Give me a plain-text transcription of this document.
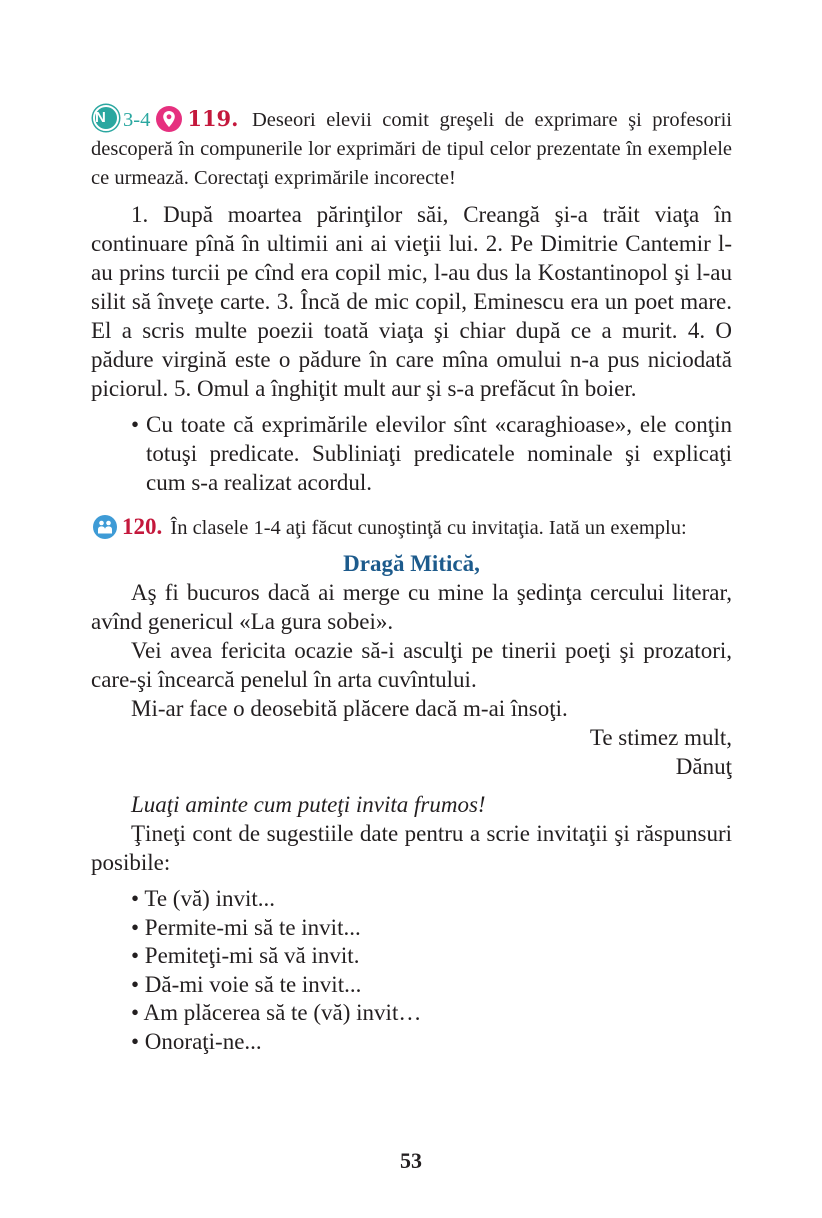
N 3-4 119. Deseori elevii comit greşeli de exprimare şi profesorii descoperă în compunerile lor exprimări de tipul celor prezentate în exemplele ce urmează. Corectaţi exprimările incorecte!

1. După moartea părinţilor săi, Creangă şi-a trăit viaţa în continuare pînă în ultimii ani ai vieţii lui. 2. Pe Dimitrie Cantemir l-au prins turcii pe cînd era copil mic, l-au dus la Kostantinopol şi l-au silit să înveţe carte. 3. Încă de mic copil, Eminescu era un poet mare. El a scris multe poezii toată viaţa şi chiar după ce a murit. 4. O pădure virgină este o pădure în care mîna omului n-a pus niciodată piciorul. 5. Omul a înghiţit mult aur şi s-a prefăcut în boier.

• Cu toate că exprimările elevilor sînt «caraghioase», ele conţin totuşi predicate. Subliniaţi predicatele nominale şi explicaţi cum s-a realizat acordul.

120. În clasele 1-4 aţi făcut cunoştinţă cu invitaţia. Iată un exemplu:

Dragă Mitică,

Aş fi bucuros dacă ai merge cu mine la şedinţa cercului literar, avînd genericul «La gura sobei».

Vei avea fericita ocazie să-i asculţi pe tinerii poeţi şi prozatori, care-şi încearcă penelul în arta cuvîntului.

Mi-ar face o deosebită plăcere dacă m-ai însoţi.

Te stimez mult,

Dănuţ

Luaţi aminte cum puteţi invita frumos!

Ţineţi cont de sugestiile date pentru a scrie invitaţii şi răspunsuri posibile:

• Te (vă) invit...

• Permite-mi să te invit...

• Pemiteţi-mi să vă invit.

• Dă-mi voie să te invit...

• Am plăcerea să te (vă) invit…

• Onoraţi-ne...

53
